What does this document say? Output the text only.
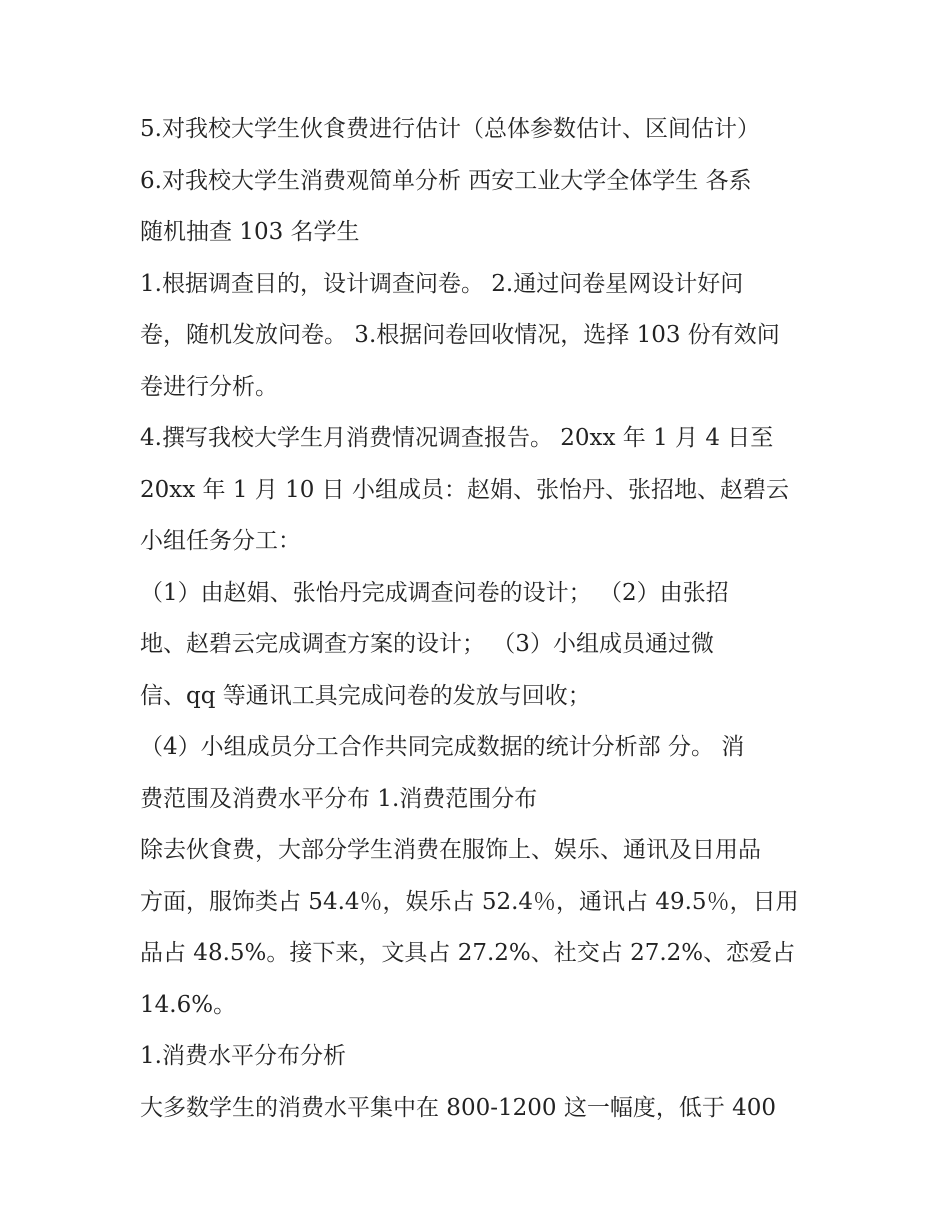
5.对我校大学生伙食费进行估计（总体参数估计、区间估计）

6.对我校大学生消费观简单分析 西安工业大学全体学生 各系

随机抽查 103 名学生

1.根据调查目的，设计调查问卷。 2.通过问卷星网设计好问

卷，随机发放问卷。 3.根据问卷回收情况，选择 103 份有效问

卷进行分析。

4.撰写我校大学生月消费情况调查报告。 20xx 年 1 月 4 日至

20xx 年 1 月 10 日 小组成员：赵娟、张怡丹、张招地、赵碧云

小组任务分工：

（1）由赵娟、张怡丹完成调查问卷的设计； （2）由张招

地、赵碧云完成调查方案的设计； （3）小组成员通过微

信、qq 等通讯工具完成问卷的发放与回收；

（4）小组成员分工合作共同完成数据的统计分析部 分。 消

费范围及消费水平分布 1.消费范围分布

除去伙食费，大部分学生消费在服饰上、娱乐、通讯及日用品

方面，服饰类占 54.4％，娱乐占 52.4％，通讯占 49.5％，日用

品占 48.5%。接下来，文具占 27.2%、社交占 27.2%、恋爱占

14.6%。

1.消费水平分布分析

大多数学生的消费水平集中在 800-1200 这一幅度，低于 400
